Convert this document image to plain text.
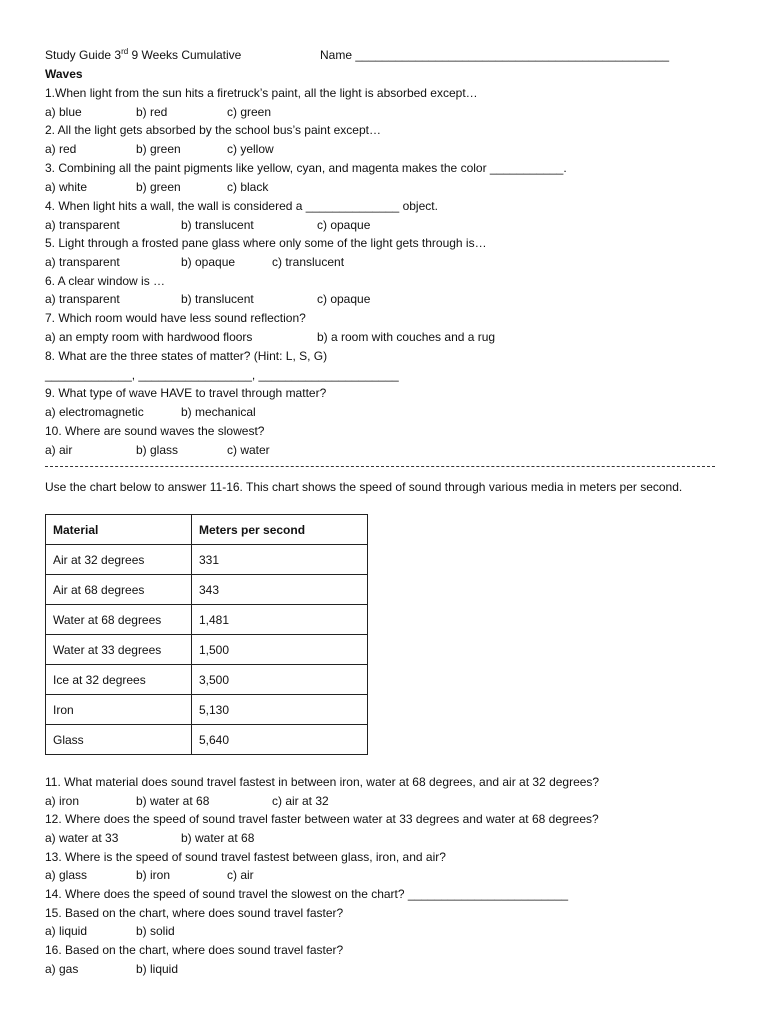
Study Guide 3rd 9 Weeks Cumulative	Name _______________________________________________
Waves
1.When light from the sun hits a firetruck’s paint, all the light is absorbed except…
a) blue	b) red	c) green
2. All the light gets absorbed by the school bus’s paint except…
a) red	b) green	c) yellow
3. Combining all the paint pigments like yellow, cyan, and magenta makes the color ___________.
a) white	b) green	c) black
4. When light hits a wall, the wall is considered a ______________ object.
a) transparent	b) translucent	c) opaque
5. Light through a frosted pane glass where only some of the light gets through is…
a) transparent	b) opaque	c) translucent
6. A clear window is …
a) transparent	b) translucent	c) opaque
7. Which room would have less sound reflection?
a) an empty room with hardwood floors	b) a room with couches and a rug
8. What are the three states of matter? (Hint: L, S, G)
_____________, _________________, _____________________
9. What type of wave HAVE to travel through matter?
a) electromagnetic	b) mechanical
10. Where are sound waves the slowest?
a) air	b) glass	c) water
Use the chart below to answer 11-16. This chart shows the speed of sound through various media in meters per second.
Material	Meters per second
Air at 32 degrees	331
Air at 68 degrees	343
Water at 68 degrees	1,481
Water at 33 degrees	1,500
Ice at 32 degrees	3,500
Iron	5,130
Glass	5,640
11. What material does sound travel fastest in between iron, water at 68 degrees, and air at 32 degrees?
a) iron	b) water at 68	c) air at 32
12. Where does the speed of sound travel faster between water at 33 degrees and water at 68 degrees?
a) water at 33	b) water at 68
13. Where is the speed of sound travel fastest between glass, iron, and air?
a) glass	b) iron	c) air
14. Where does the speed of sound travel the slowest on the chart? ________________________
15. Based on the chart, where does sound travel faster?
a) liquid	b) solid
16. Based on the chart, where does sound travel faster?
a) gas	b) liquid
